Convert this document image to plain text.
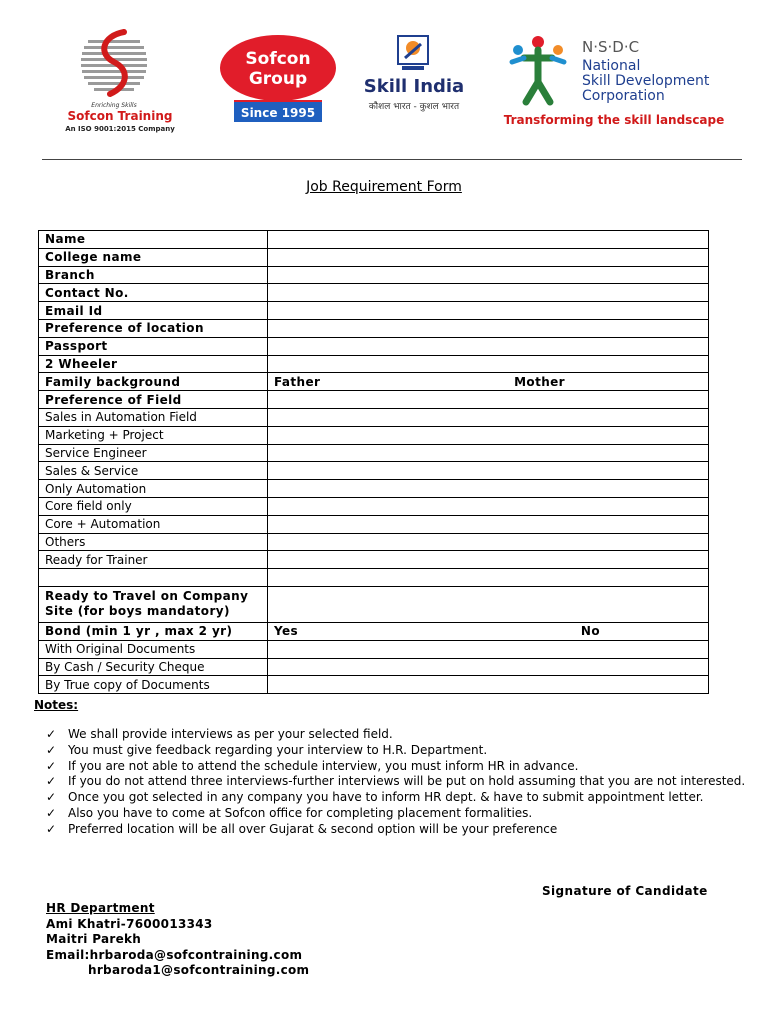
Enriching Skills
Sofcon Training
An ISO 9001:2015 Company
Sofcon
Group
Since 1995
Skill India
कौशल भारत - कुशल भारत
N·S·D·C
National
Skill Development
Corporation
Transforming the skill landscape
Job Requirement Form
Name	
College name	
Branch	
Contact No.	
Email Id	
Preference of location	
Passport	
2 Wheeler	
Family background	Father Mother

Preference of Field	
Sales in Automation Field	
Marketing + Project	
Service Engineer	
Sales & Service	
Only Automation	
Core field only	
Core + Automation	
Others	
Ready for Trainer	

Ready to Travel on Company Site (for boys mandatory)	
Bond (min 1 yr , max 2 yr)	Yes No

With Original Documents	
By Cash / Security Cheque	
By True copy of Documents	
Notes:
✓ We shall provide interviews as per your selected field.
✓ You must give feedback regarding your interview to H.R. Department.
✓ If you are not able to attend the schedule interview, you must inform HR in advance.
✓ If you do not attend three interviews-further interviews will be put on hold assuming that you are not interested.
✓ Once you got selected in any company you have to inform HR dept. & have to submit appointment letter.
✓ Also you have to come at Sofcon office for completing placement formalities.
✓ Preferred location will be all over Gujarat & second option will be your preference
Signature of Candidate
HR Department
Ami Khatri-7600013343
Maitri Parekh
Email:hrbaroda@sofcontraining.com
hrbaroda1@sofcontraining.com
